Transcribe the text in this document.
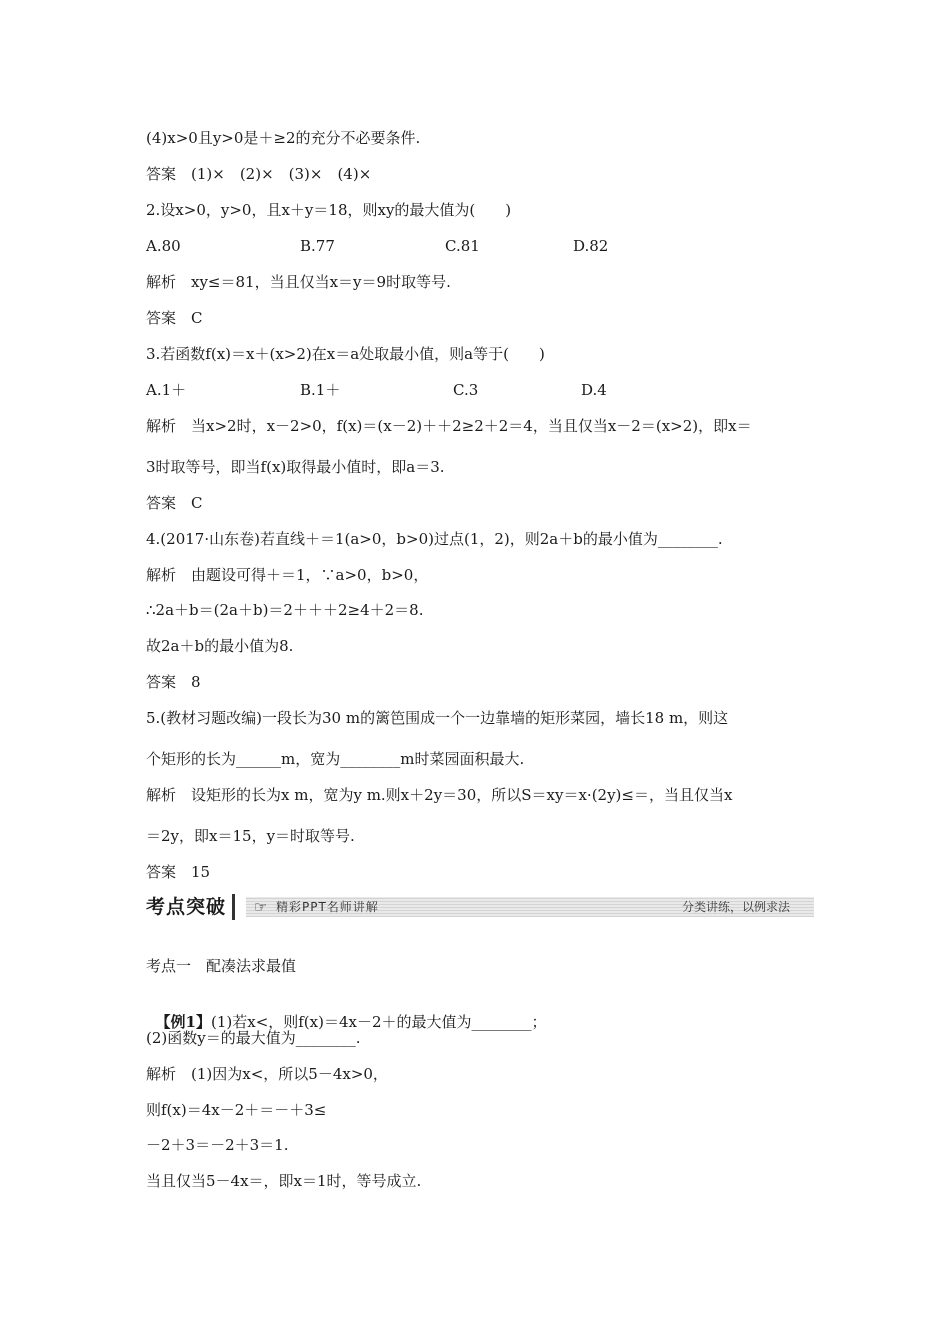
(4)x>0且y>0是＋≥2的充分不必要条件.
答案　(1)×　(2)×　(3)×　(4)×
2.设x>0，y>0，且x＋y＝18，则xy的最大值为(　　)
A.80	B.77	C.81	D.82
解析　xy≤＝81，当且仅当x＝y＝9时取等号.
答案　C
3.若函数f(x)＝x＋(x>2)在x＝a处取最小值，则a等于(　　)
A.1＋	B.1＋	C.3	D.4
解析　当x>2时，x－2>0，f(x)＝(x－2)＋＋2≥2＋2＝4，当且仅当x－2＝(x>2)，即x＝
3时取等号，即当f(x)取得最小值时，即a＝3.
答案　C
4.(2017·山东卷)若直线＋＝1(a>0，b>0)过点(1，2)，则2a＋b的最小值为________.
解析　由题设可得＋＝1，∵a>0，b>0，
∴2a＋b＝(2a＋b)＝2＋＋＋2≥4＋2＝8.
故2a＋b的最小值为8.
答案　8
5.(教材习题改编)一段长为30 m的篱笆围成一个一边靠墙的矩形菜园，墙长18 m，则这
个矩形的长为______m，宽为________m时菜园面积最大.
解析　设矩形的长为x m，宽为y m.则x＋2y＝30，所以S＝xy＝x·(2y)≤＝，当且仅当x
＝2y，即x＝15，y＝时取等号.
答案　15
考点突破	☞ 精彩PPT名师讲解	分类讲练，以例求法
考点一　配凑法求最值

【例1】(1)若x<，则f(x)＝4x－2＋的最大值为________；

(2)函数y＝的最大值为________.
解析　(1)因为x<，所以5－4x>0，
则f(x)＝4x－2＋＝－＋3≤
－2＋3＝－2＋3＝1.
当且仅当5－4x＝，即x＝1时，等号成立.
